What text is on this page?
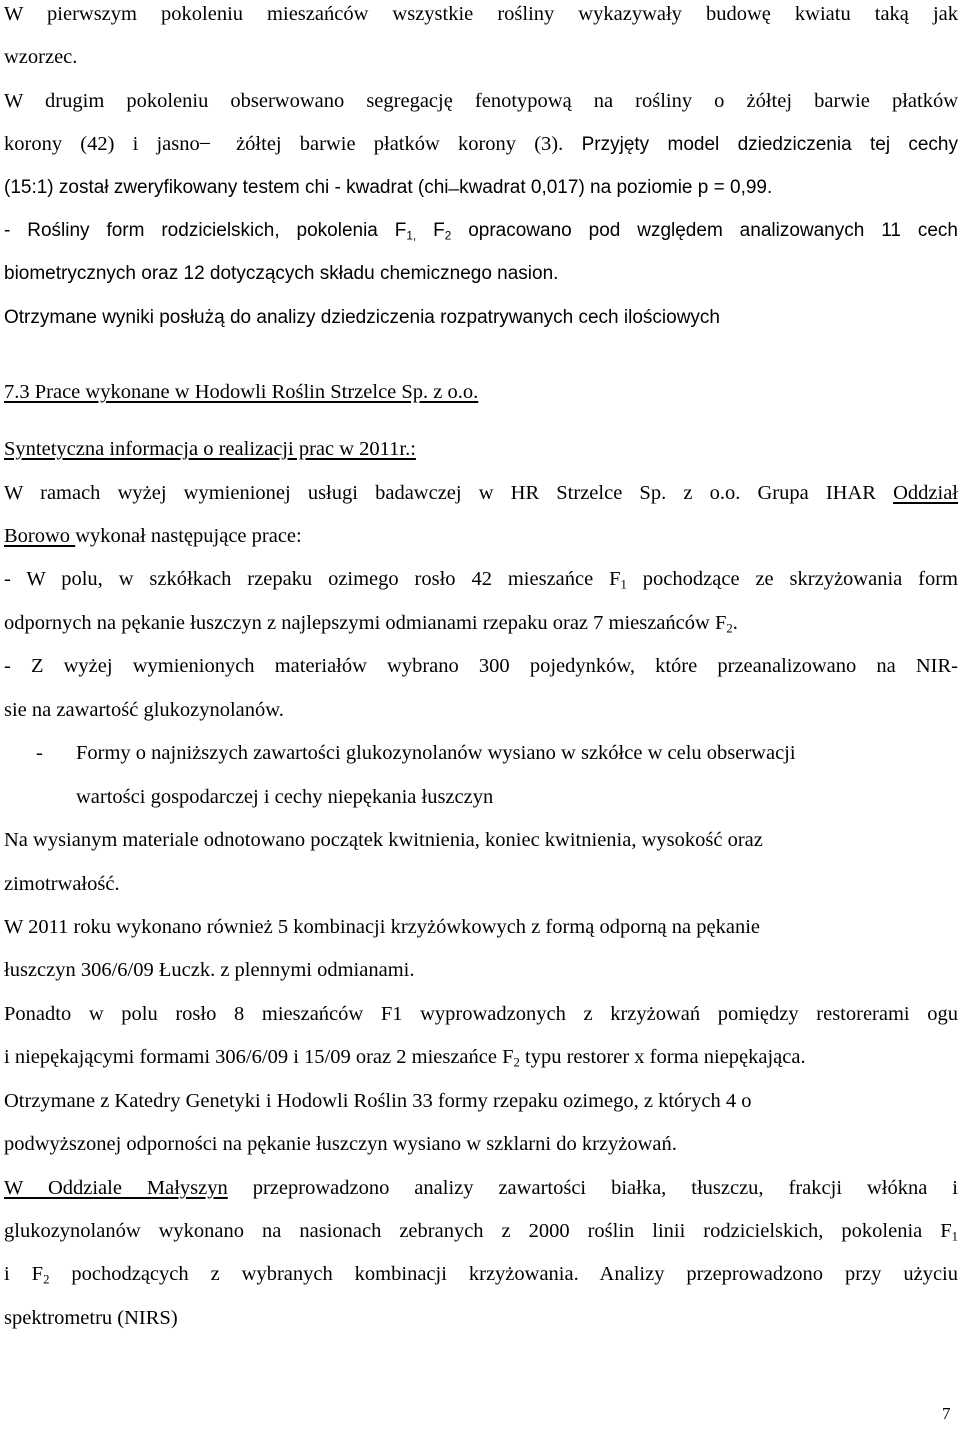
W pierwszym pokoleniu mieszańców wszystkie rośliny wykazywały budowę kwiatu taką jak
wzorzec.
W drugim pokoleniu obserwowano segregację fenotypową na rośliny o żółtej barwie płatków
korony (42) i jasno ̶ żółtej barwie płatków korony (3). Przyjęty model dziedziczenia tej cechy
(15:1) został zweryfikowany testem chi - kwadrat (chi ̶ kwadrat 0,017) na poziomie p = 0,99.
- Rośliny form rodzicielskich, pokolenia $F_{1,}$ $F_2$ opracowano pod względem analizowanych 11 cech
biometrycznych oraz 12 dotyczących składu chemicznego nasion.
Otrzymane wyniki posłużą do analizy dziedziczenia rozpatrywanych cech ilościowych
7.3 Prace wykonane w Hodowli Roślin Strzelce Sp. z o.o.
Syntetyczna informacja o realizacji prac w 2011r.:
W ramach wyżej wymienionej usługi badawczej w HR Strzelce Sp. z o.o. Grupa IHAR Oddział
Borowo wykonał następujące prace:
- W polu, w szkółkach rzepaku ozimego rosło 42 mieszańce $F_1$ pochodzące ze skrzyżowania form
odpornych na pękanie łuszczyn z najlepszymi odmianami rzepaku oraz 7 mieszańców $F_2$.
- Z wyżej wymienionych materiałów wybrano 300 pojedynków, które przeanalizowano na NIR-
sie na zawartość glukozynolanów.
- Formy o najniższych zawartości glukozynolanów wysiano w szkółce w celu obserwacji
wartości gospodarczej i cechy niepękania łuszczyn
Na wysianym materiale odnotowano początek kwitnienia, koniec kwitnienia, wysokość oraz
zimotrwałość.
W 2011 roku wykonano również 5 kombinacji krzyżówkowych z formą odporną na pękanie
łuszczyn 306/6/09 Łuczk. z plennymi odmianami.
Ponadto w polu rosło 8 mieszańców F1 wyprowadzonych z krzyżowań pomiędzy restorerami ogu
i niepękającymi formami 306/6/09 i 15/09 oraz 2 mieszańce $F_2$ typu restorer x forma niepękająca.
Otrzymane z Katedry Genetyki i Hodowli Roślin 33 formy rzepaku ozimego, z których 4 o
podwyższonej odporności na pękanie łuszczyn wysiano w szklarni do krzyżowań.
W Oddziale Małyszyn przeprowadzono analizy zawartości białka, tłuszczu, frakcji włókna i
glukozynolanów wykonano na nasionach zebranych z 2000 roślin linii rodzicielskich, pokolenia $F_1$
i $F_2$ pochodzących z wybranych kombinacji krzyżowania. Analizy przeprowadzono przy użyciu
spektrometru (NIRS)
7
